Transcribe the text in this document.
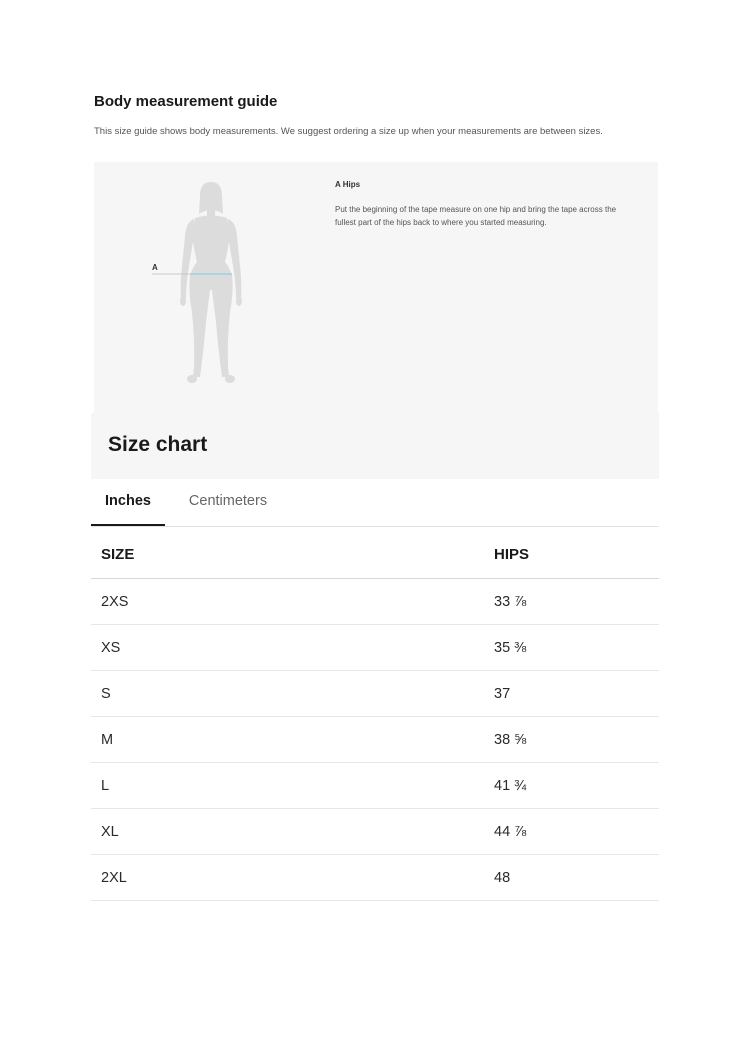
Body measurement guide

This size guide shows body measurements. We suggest ordering a size up when your measurements are between sizes.

A

A Hips

Put the beginning of the tape measure on one hip and bring the tape across the fullest part of the hips back to where you started measuring.

Size chart
Inches	Centimeters
SIZE	HIPS
2XS	33 ⅞
XS	35 ⅜
S	37
M	38 ⅝
L	41 ¾
XL	44 ⅞
2XL	48
